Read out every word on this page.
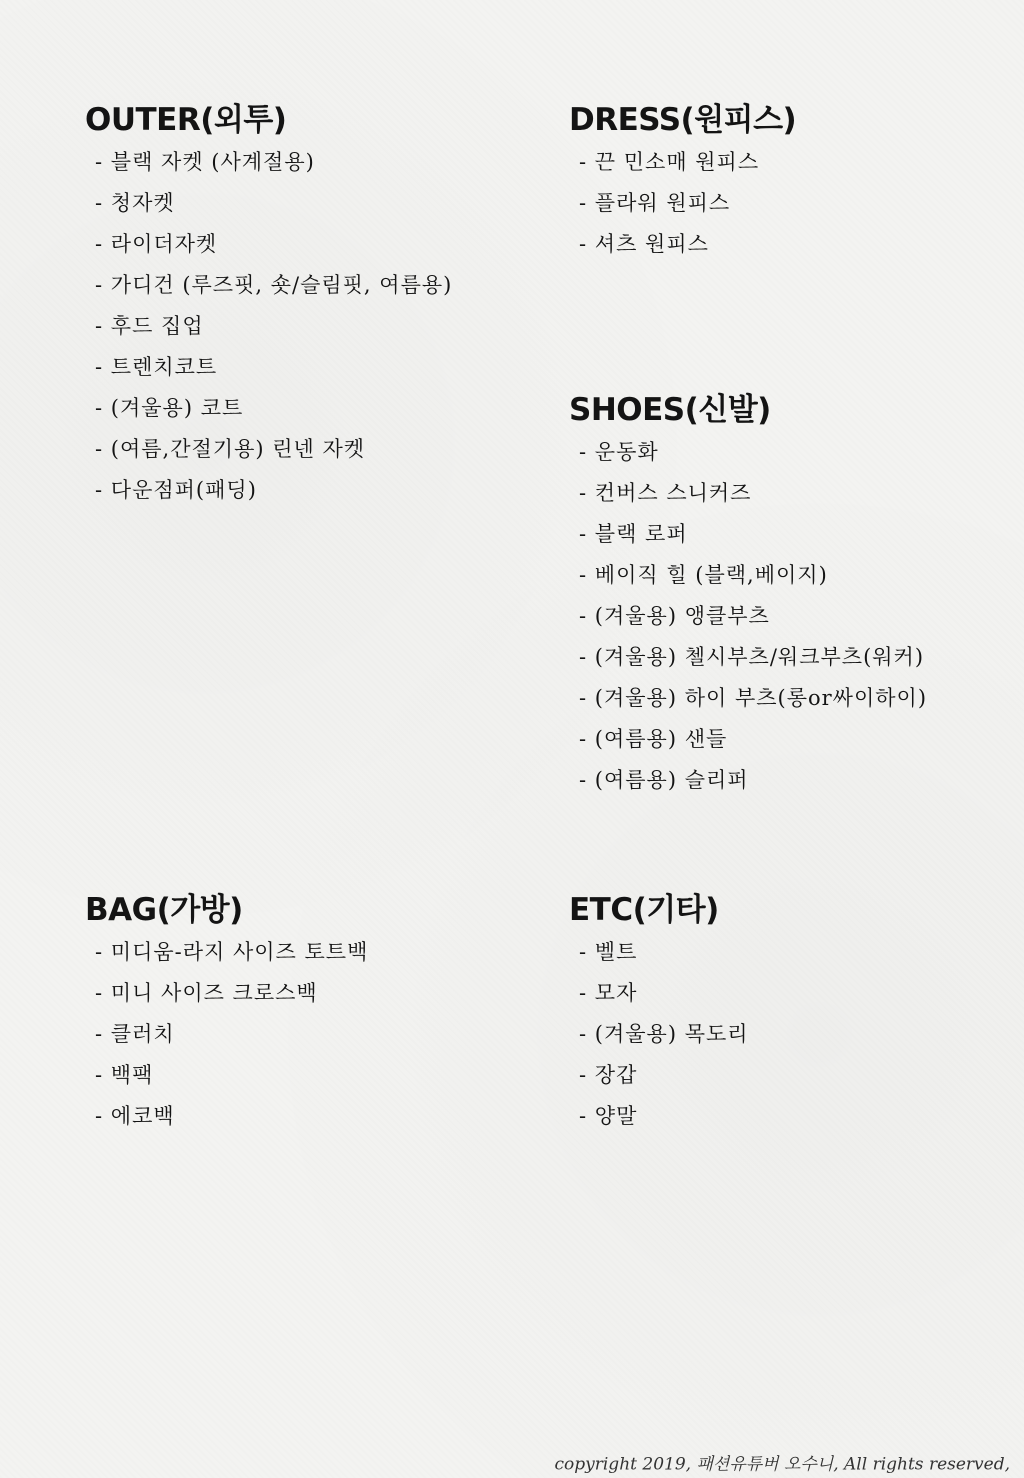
OUTER(외투)
- 블랙 자켓 (사계절용)
- 청자켓
- 라이더자켓
- 가디건 (루즈핏, 숏/슬림핏, 여름용)
- 후드 집업
- 트렌치코트
- (겨울용) 코트
- (여름,간절기용) 린넨 자켓
- 다운점퍼(패딩)
DRESS(원피스)
- 끈 민소매 원피스
- 플라워 원피스
- 셔츠 원피스
SHOES(신발)
- 운동화
- 컨버스 스니커즈
- 블랙 로퍼
- 베이직 힐 (블랙,베이지)
- (겨울용) 앵클부츠
- (겨울용) 첼시부츠/워크부츠(워커)
- (겨울용) 하이 부츠(롱or싸이하이)
- (여름용) 샌들
- (여름용) 슬리퍼
BAG(가방)
- 미디움-라지 사이즈 토트백
- 미니 사이즈 크로스백
- 클러치
- 백팩
- 에코백
ETC(기타)
- 벨트
- 모자
- (겨울용) 목도리
- 장갑
- 양말
copyright 2019, 패션유튜버 오수니, All rights reserved,
